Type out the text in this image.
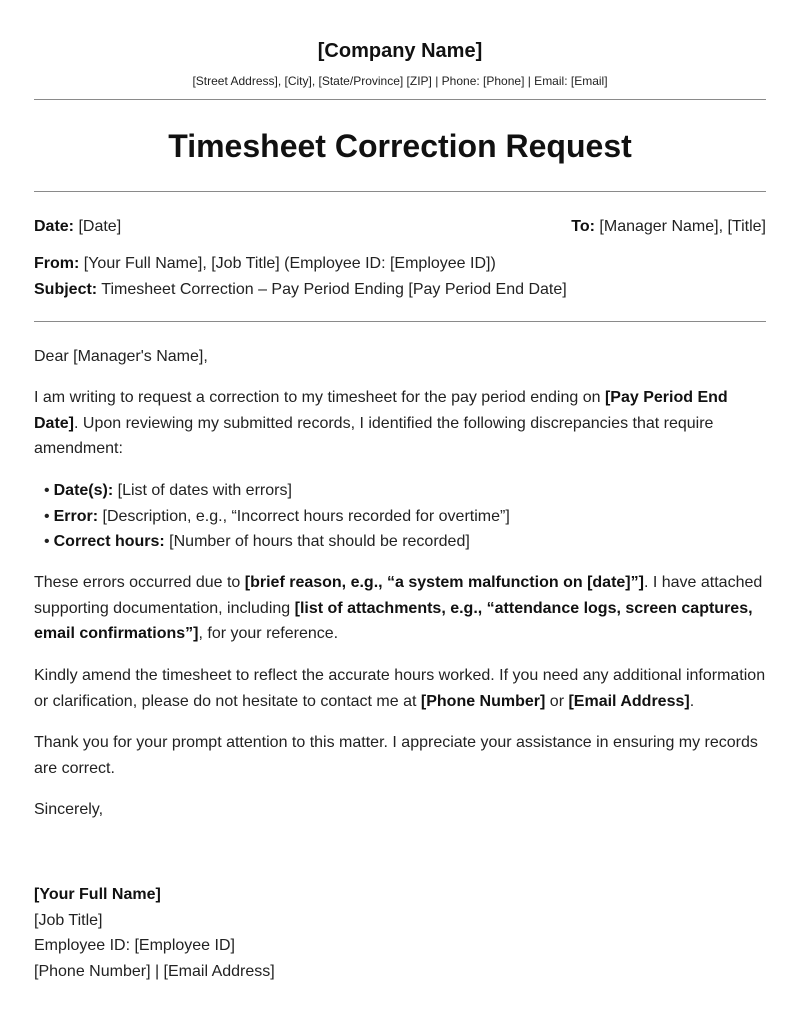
[Company Name]
[Street Address], [City], [State/Province] [ZIP] | Phone: [Phone] | Email: [Email]
Timesheet Correction Request
Date: [Date]	To: [Manager Name], [Title]
From: [Your Full Name], [Job Title] (Employee ID: [Employee ID])
Subject: Timesheet Correction – Pay Period Ending [Pay Period End Date]
Dear [Manager's Name],
I am writing to request a correction to my timesheet for the pay period ending on [Pay Period End Date]. Upon reviewing my submitted records, I identified the following discrepancies that require amendment:
• Date(s): [List of dates with errors]
• Error: [Description, e.g., “Incorrect hours recorded for overtime”]
• Correct hours: [Number of hours that should be recorded]
These errors occurred due to [brief reason, e.g., “a system malfunction on [date]”]. I have attached supporting documentation, including [list of attachments, e.g., “attendance logs, screen captures, email confirmations”], for your reference.
Kindly amend the timesheet to reflect the accurate hours worked. If you need any additional information or clarification, please do not hesitate to contact me at [Phone Number] or [Email Address].
Thank you for your prompt attention to this matter. I appreciate your assistance in ensuring my records are correct.
Sincerely,
[Your Full Name]
[Job Title]
Employee ID: [Employee ID]
[Phone Number] | [Email Address]
